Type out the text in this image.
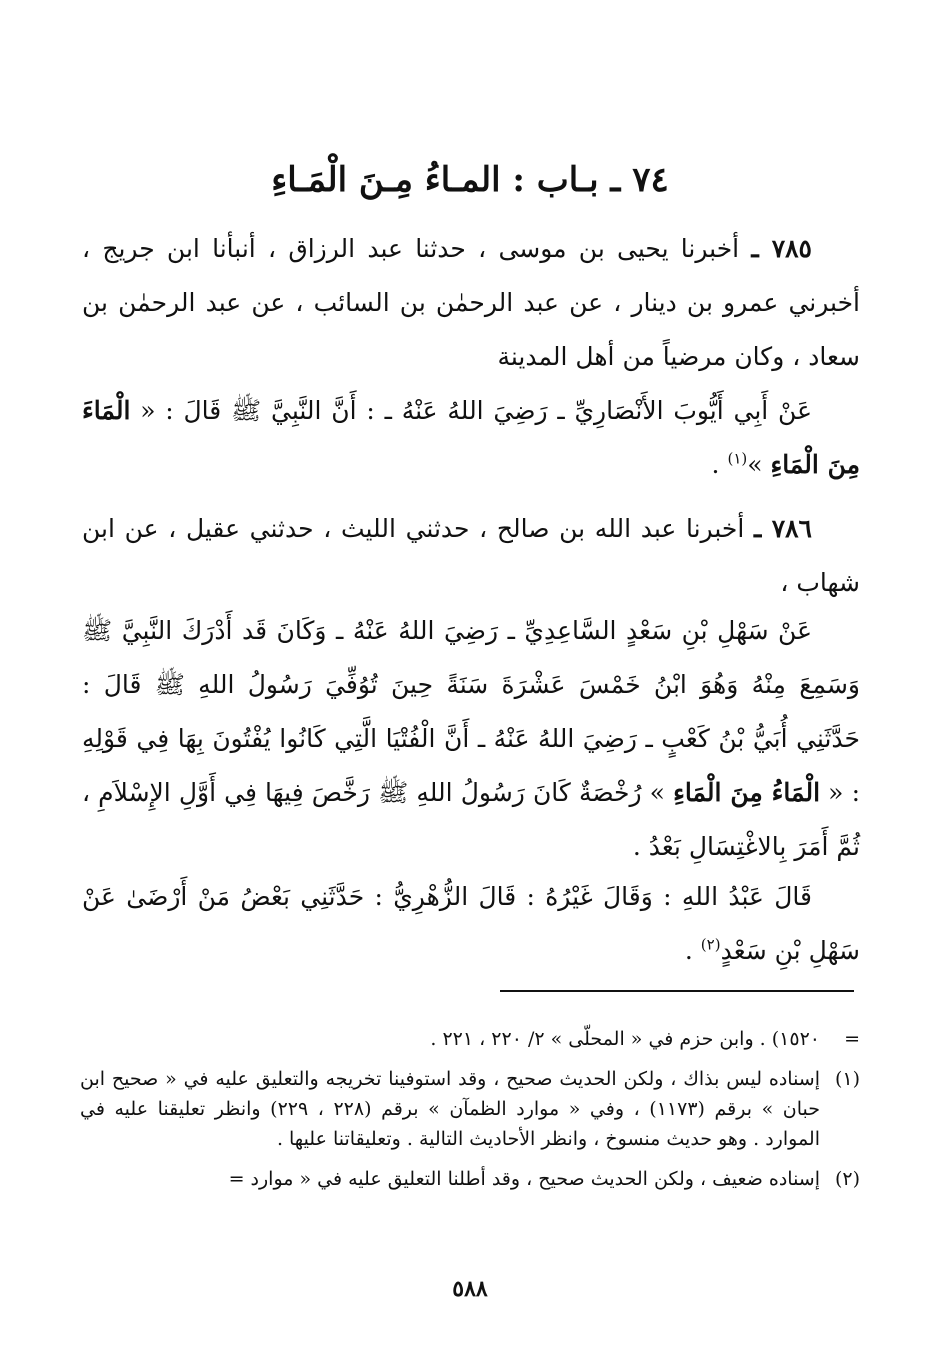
٧٤ ـ بـاب : المـاءُ مِـنَ الْمَـاءِ

٧٨٥ ـ أخبرنا يحيى بن موسى ، حدثنا عبد الرزاق ، أنبأنا ابن جريج ، أخبرني عمرو بن دينار ، عن عبد الرحمٰن بن السائب ، عن عبد الرحمٰن بن سعاد ، وكان مرضياً من أهل المدينة

عَنْ أَبِي أَيُّوبَ الأَنْصَارِيِّ ـ رَضِيَ اللهُ عَنْهُ ـ : أَنَّ النَّبِيَّ ﷺ قَالَ : « الْمَاءَ مِنَ الْمَاءِ »$^{(١)}$ .

٧٨٦ ـ أخبرنا عبد الله بن صالح ، حدثني الليث ، حدثني عقيل ، عن ابن شهاب ،

عَنْ سَهْلِ بْنِ سَعْدٍ السَّاعِدِيِّ ـ رَضِيَ اللهُ عَنْهُ ـ وَكَانَ قَد أَدْرَكَ النَّبِيَّ ﷺ وَسَمِعَ مِنْهُ وَهُوَ ابْنُ خَمْسَ عَشْرَةَ سَنَةً حِينَ تُوُفِّيَ رَسُولُ اللهِ ﷺ قَالَ : حَدَّثَنِي أُبَيُّ بْنُ كَعْبٍ ـ رَضِيَ اللهُ عَنْهُ ـ أَنَّ الْفُتْيَا الَّتِي كَانُوا يُفْتُونَ بِهَا فِي قَوْلِهِ : « الْمَاءُ مِنَ الْمَاءِ » رُخْصَةٌ كَانَ رَسُولُ اللهِ ﷺ رَخَّصَ فِيهَا فِي أَوَّلِ الإِسْلاَمِ ، ثُمَّ أَمَرَ بِالاغْتِسَالِ بَعْدُ .

قَالَ عَبْدُ اللهِ : وَقَالَ غَيْرُهُ : قَالَ الزُّهْرِيُّ : حَدَّثَنِي بَعْضُ مَنْ أَرْضَىٰ عَنْ سَهْلِ بْنِ سَعْدٍ$^{(٢)}$ .

=
١٥٢٠) . وابن حزم في « المحلّى » ٢/ ٢٢٠ ، ٢٢١ .
(١)
إسناده ليس بذاك ، ولكن الحديث صحيح ، وقد استوفينا تخريجه والتعليق عليه في « صحيح ابن حبان » برقم (١١٧٣) ، وفي « موارد الظمآن » برقم (٢٢٨ ، ٢٢٩) وانظر تعليقنا عليه في الموارد . وهو حديث منسوخ ، وانظر الأحاديث التالية . وتعليقاتنا عليها .
(٢)
إسناده ضعيف ، ولكن الحديث صحيح ، وقد أطلنا التعليق عليه في « موارد =
٥٨٨
